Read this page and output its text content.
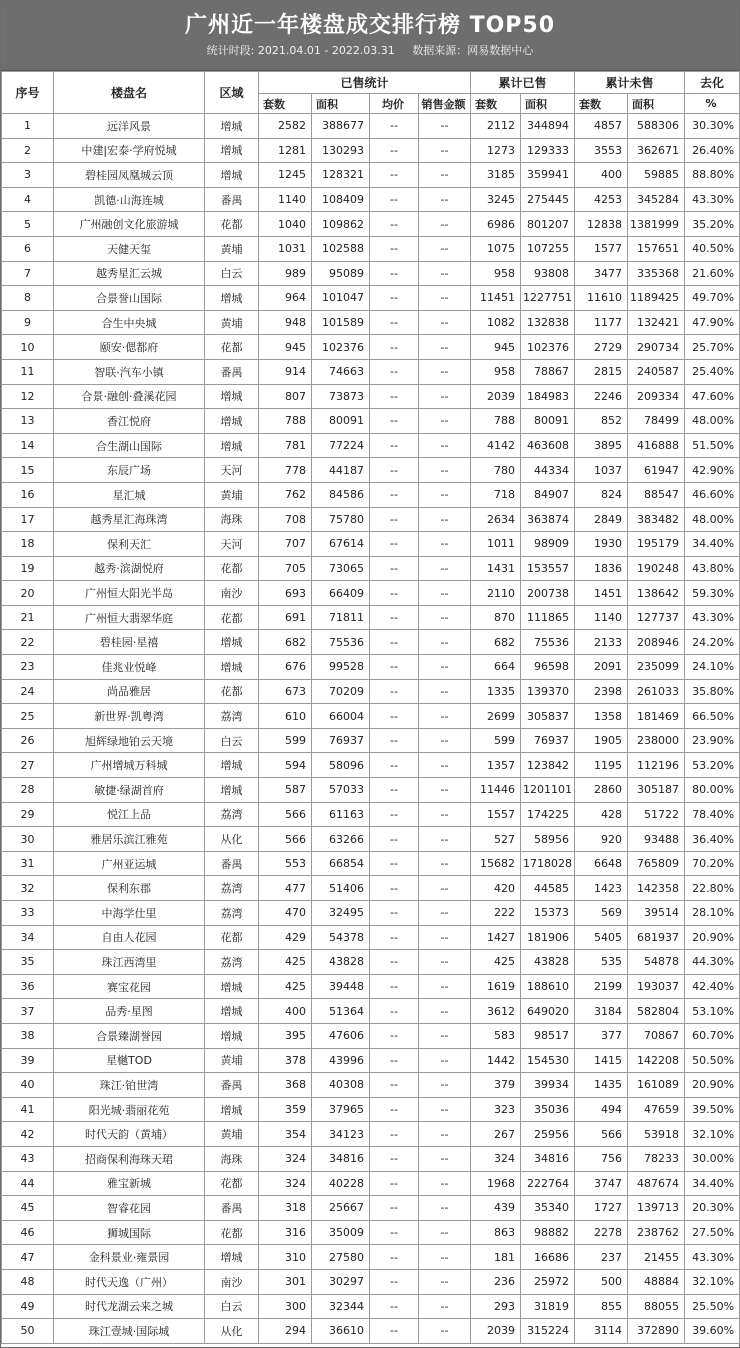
广州近一年楼盘成交排行榜 TOP50
统计时段: 2021.04.01 - 2022.03.31 数据来源：网易数据中心
序号	楼盘名	区域	已售统计				累计已售		累计未售		去化
			套数	面积	均价	销售金额	套数	面积	套数	面积	%
1	远洋风景	增城	2582	388677	--	--	2112	344894	4857	588306	30.30%
2	中建|宏泰·学府悦城	增城	1281	130293	--	--	1273	129333	3553	362671	26.40%
3	碧桂园凤凰城云顶	增城	1245	128321	--	--	3185	359941	400	59885	88.80%
4	凯德·山海连城	番禺	1140	108409	--	--	3245	275445	4253	345284	43.30%
5	广州融创文化旅游城	花都	1040	109862	--	--	6986	801207	12838	1381999	35.20%
6	天健天玺	黄埔	1031	102588	--	--	1075	107255	1577	157651	40.50%
7	越秀星汇云城	白云	989	95089	--	--	958	93808	3477	335368	21.60%
8	合景誉山国际	增城	964	101047	--	--	11451	1227751	11610	1189425	49.70%
9	合生中央城	黄埔	948	101589	--	--	1082	132838	1177	132421	47.90%
10	颐安·偲都府	花都	945	102376	--	--	945	102376	2729	290734	25.70%
11	智联·汽车小镇	番禺	914	74663	--	--	958	78867	2815	240587	25.40%
12	合景·融创·叠溪花园	增城	807	73873	--	--	2039	184983	2246	209334	47.60%
13	香江悦府	增城	788	80091	--	--	788	80091	852	78499	48.00%
14	合生湖山国际	增城	781	77224	--	--	4142	463608	3895	416888	51.50%
15	东辰广场	天河	778	44187	--	--	780	44334	1037	61947	42.90%
16	星汇城	黄埔	762	84586	--	--	718	84907	824	88547	46.60%
17	越秀星汇海珠湾	海珠	708	75780	--	--	2634	363874	2849	383482	48.00%
18	保利天汇	天河	707	67614	--	--	1011	98909	1930	195179	34.40%
19	越秀·滨湖悦府	花都	705	73065	--	--	1431	153557	1836	190248	43.80%
20	广州恒大阳光半岛	南沙	693	66409	--	--	2110	200738	1451	138642	59.30%
21	广州恒大翡翠华庭	花都	691	71811	--	--	870	111865	1140	127737	43.30%
22	碧桂园·星禧	增城	682	75536	--	--	682	75536	2133	208946	24.20%
23	佳兆业悦峰	增城	676	99528	--	--	664	96598	2091	235099	24.10%
24	尚品雅居	花都	673	70209	--	--	1335	139370	2398	261033	35.80%
25	新世界·凯粤湾	荔湾	610	66004	--	--	2699	305837	1358	181469	66.50%
26	旭辉绿地铂云天境	白云	599	76937	--	--	599	76937	1905	238000	23.90%
27	广州增城万科城	增城	594	58096	--	--	1357	123842	1195	112196	53.20%
28	敏捷·绿湖首府	增城	587	57033	--	--	11446	1201101	2860	305187	80.00%
29	悦江上品	荔湾	566	61163	--	--	1557	174225	428	51722	78.40%
30	雅居乐滨江雅苑	从化	566	63266	--	--	527	58956	920	93488	36.40%
31	广州亚运城	番禺	553	66854	--	--	15682	1718028	6648	765809	70.20%
32	保利东郡	荔湾	477	51406	--	--	420	44585	1423	142358	22.80%
33	中海学仕里	荔湾	470	32495	--	--	222	15373	569	39514	28.10%
34	自由人花园	花都	429	54378	--	--	1427	181906	5405	681937	20.90%
35	珠江西湾里	荔湾	425	43828	--	--	425	43828	535	54878	44.30%
36	赛宝花园	增城	425	39448	--	--	1619	188610	2199	193037	42.40%
37	品秀·星图	增城	400	51364	--	--	3612	649020	3184	582804	53.10%
38	合景臻湖誉园	增城	395	47606	--	--	583	98517	377	70867	60.70%
39	星樾TOD	黄埔	378	43996	--	--	1442	154530	1415	142208	50.50%
40	珠江·铂世湾	番禺	368	40308	--	--	379	39934	1435	161089	20.90%
41	阳光城·翡丽花苑	增城	359	37965	--	--	323	35036	494	47659	39.50%
42	时代天韵（黄埔）	黄埔	354	34123	--	--	267	25956	566	53918	32.10%
43	招商保利海珠天珺	海珠	324	34816	--	--	324	34816	756	78233	30.00%
44	雅宝新城	花都	324	40228	--	--	1968	222764	3747	487674	34.40%
45	智睿花园	番禺	318	25667	--	--	439	35340	1727	139713	20.30%
46	狮城国际	花都	316	35009	--	--	863	98882	2278	238762	27.50%
47	金科景业·雍景园	增城	310	27580	--	--	181	16686	237	21455	43.30%
48	时代天逸（广州）	南沙	301	30297	--	--	236	25972	500	48884	32.10%
49	时代龙湖云来之城	白云	300	32344	--	--	293	31819	855	88055	25.50%
50	珠江壹城·国际城	从化	294	36610	--	--	2039	315224	3114	372890	39.60%
